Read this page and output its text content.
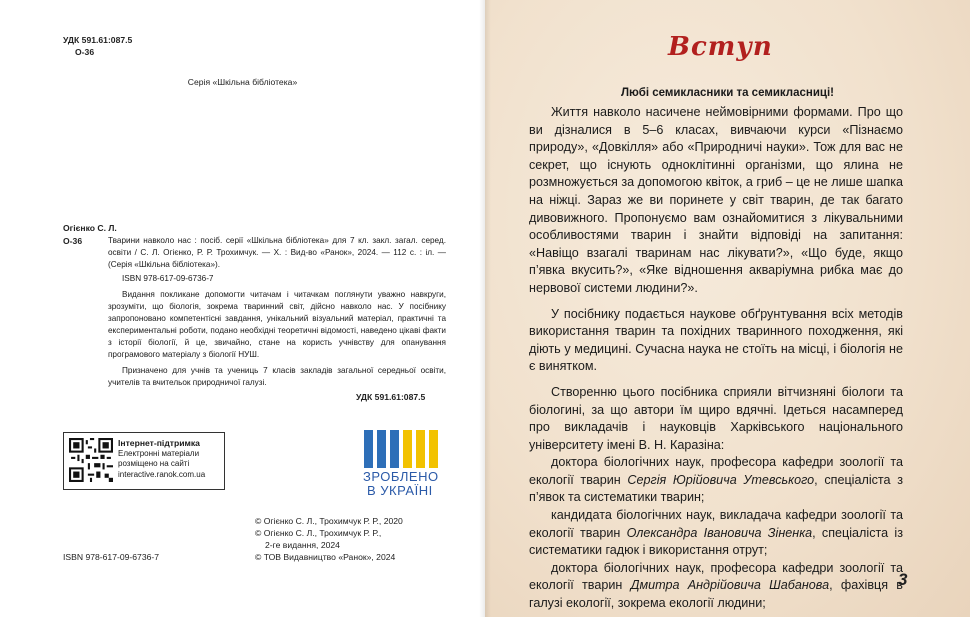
УДК 591.61:087.5
О-36
Серія «Шкільна бібліотека»
Огієнко С. Л.
О-36	Тварини навколо нас : посіб. серії «Шкільна бібліотека» для 7 кл. закл. загал. серед. освіти / С. Л. Огієнко, Р. Р. Трохимчук. — Х. : Вид-во «Ранок», 2024. — 112 с. : іл. — (Серія «Шкільна бібліотека»).

ISBN 978-617-09-6736-7

Видання покликане допомогти читачам і читачкам поглянути уважно навкруги, зрозуміти, що біологія, зокрема тваринний світ, дійсно навколо нас. У посібнику запропоновано компетентісні завдання, унікальний візуальний матеріал, практичні та експериментальні роботи, подано необхідні теоретичні відомості, наведено цікаві факти з історії біології, й це, звичайно, стане на користь учнівству для опанування програмового матеріалу з біології НУШ.

Призначено для учнів та учениць 7 класів закладів загальної середньої освіти, учителів та вчительок природничої галузі.

УДК 591.61:087.5
Інтернет-підтримка
Електронні матеріали
розміщено на сайті
interactive.ranok.com.ua	ЗРОБЛЕНО
В УКРАЇНІ
© Огієнко С. Л., Трохимчук Р. Р., 2020
© Огієнко С. Л., Трохимчук Р. Р.,
2-ге видання, 2024
ISBN 978-617-09-6736-7	© ТОВ Видавництво «Ранок», 2024
Вступ
Любі семикласники та семикласниці!

Життя навколо насичене неймовірними формами. Про що ви дізналися в 5–6 класах, вивчаючи курси «Пізнаємо природу», «Довкілля» або «Природничі науки». Тож для вас не секрет, що існують одноклітинні організми, що ялина не розмножується за допомогою квіток, а гриб – це не лише шапка на ніжці. Зараз же ви поринете у світ тварин, де так багато дивовижного. Пропонуємо вам ознайомитися з лікувальними особливостями тварин і знайти відповіді на запитання: «Навіщо взагалі тваринам нас лікувати?», «Що буде, якщо п’явка вкусить?», «Яке відношення акваріумна рибка має до нервової системи людини?».

У посібнику подається наукове обґрунтування всіх методів використання тварин та похідних тваринного походження, які діють у медицині. Сучасна наука не стоїть на місці, і біологія не є винятком.

Створенню цього посібника сприяли вітчизняні біологи та біологині, за що автори їм щиро вдячні. Ідеться насамперед про викладачів і науковців Харківського національного університету імені В. Н. Каразіна:

доктора біологічних наук, професора кафедри зоології та екології тварин Сергія Юрійовича Утевського, спеціаліста з п’явок та систематики тварин;

кандидата біологічних наук, викладача кафедри зоології та екології тварин Олександра Івановича Зіненка, спеціаліста із систематики гадюк і використання отрут;

доктора біологічних наук, професора кафедри зоології та екології тварин Дмитра Андрійовича Шабанова, фахівця в галузі екології, зокрема екології людини;

3
